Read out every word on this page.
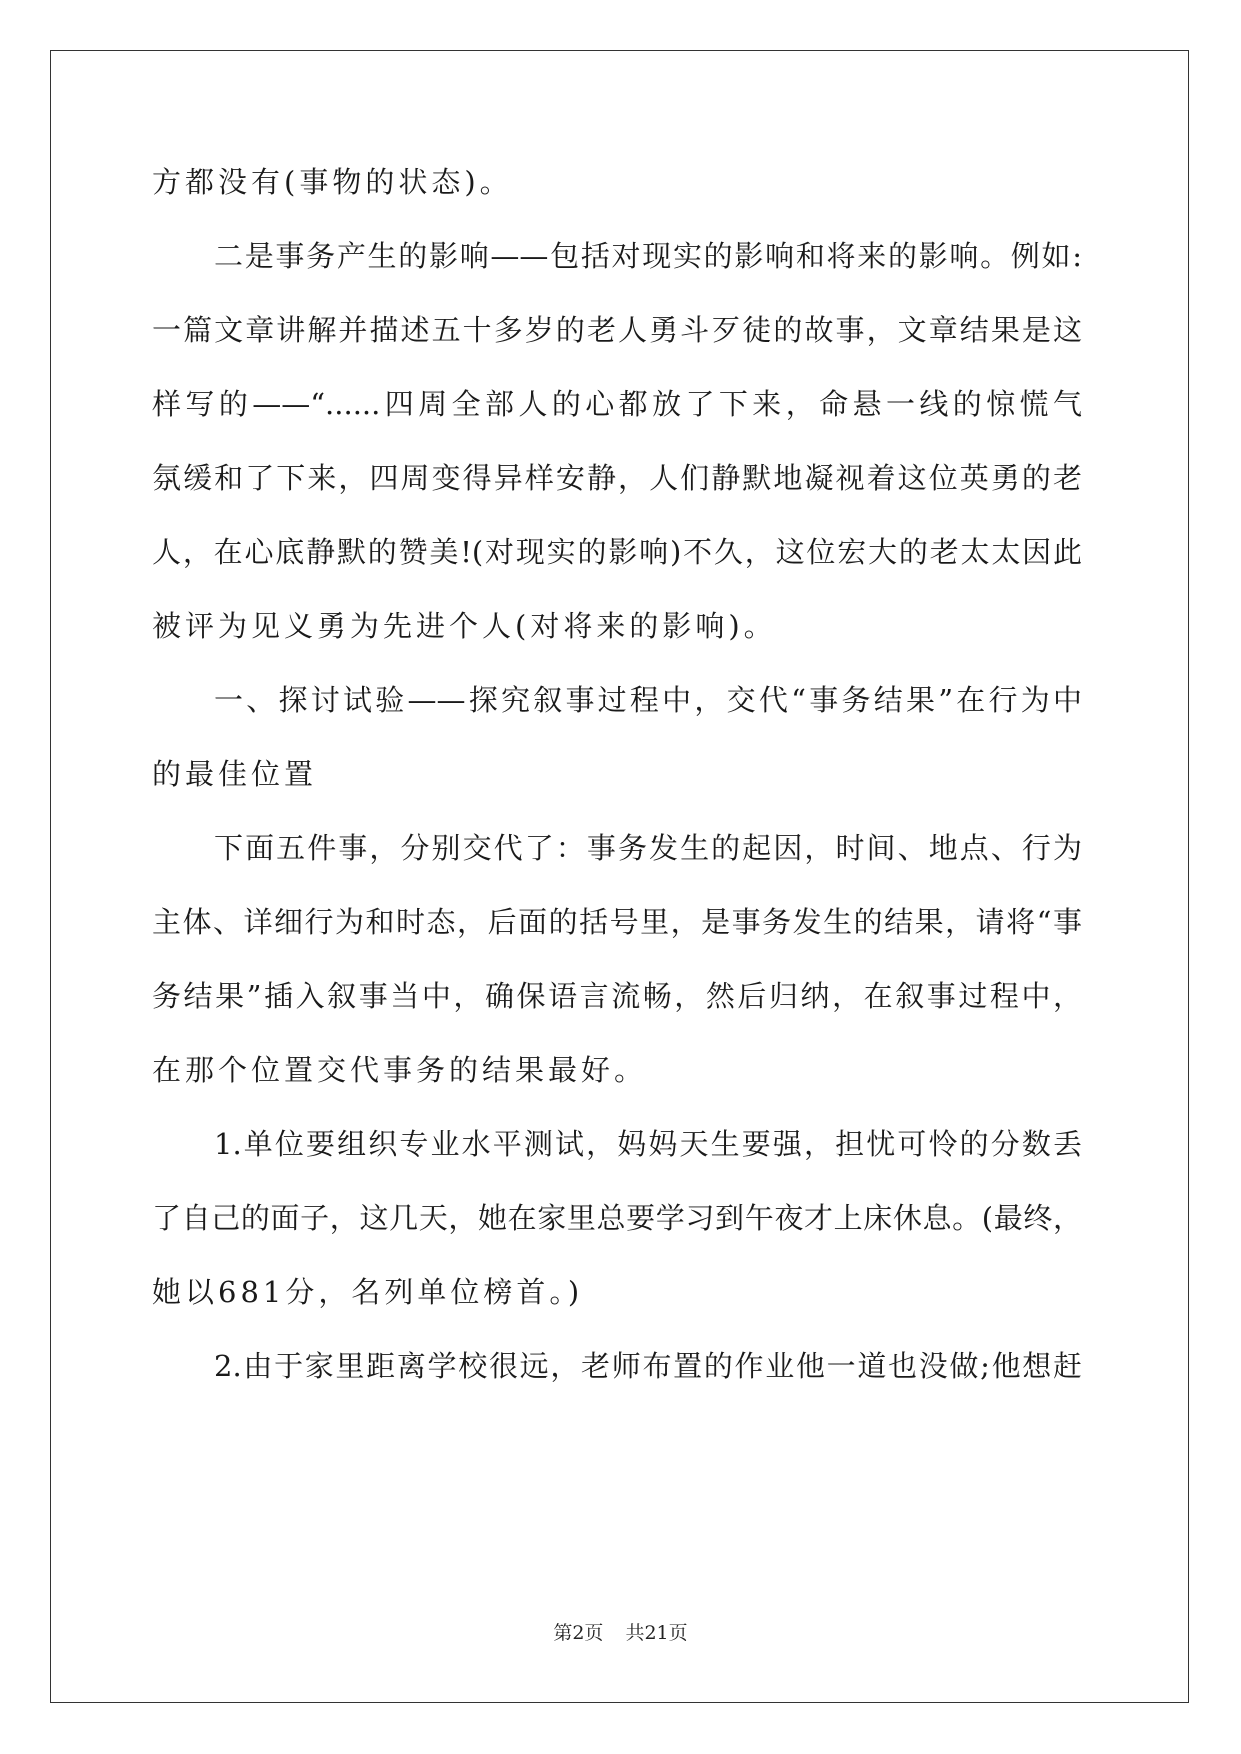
方都没有(事物的状态)。
二是事务产生的影响——包括对现实的影响和将来的影响。例如:
一篇文章讲解并描述五十多岁的老人勇斗歹徒的故事，文章结果是这
样写的——“......四周全部人的心都放了下来，命悬一线的惊慌气
氛缓和了下来，四周变得异样安静，人们静默地凝视着这位英勇的老
人，在心底静默的赞美!(对现实的影响)不久，这位宏大的老太太因此
被评为见义勇为先进个人(对将来的影响)。
一、探讨试验——探究叙事过程中，交代“事务结果”在行为中
的最佳位置
下面五件事，分别交代了：事务发生的起因，时间、地点、行为
主体、详细行为和时态，后面的括号里，是事务发生的结果，请将“事
务结果”插入叙事当中，确保语言流畅，然后归纳，在叙事过程中，
在那个位置交代事务的结果最好。
1.单位要组织专业水平测试，妈妈天生要强，担忧可怜的分数丢
了自己的面子，这几天，她在家里总要学习到午夜才上床休息。(最终，
她以681分，名列单位榜首。)
2.由于家里距离学校很远，老师布置的作业他一道也没做;他想赶
第2页 共21页
